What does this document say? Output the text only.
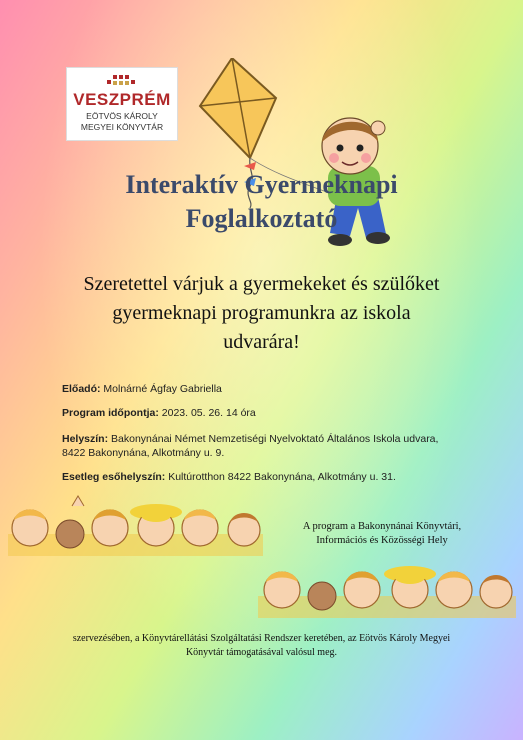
VESZPRÉM
EÖTVÖS KÁROLY
MEGYEI KÖNYVTÁR
Interaktív Gyermeknapi
Foglalkoztató
Szeretettel várjuk a gyermekeket és szülőket
gyermeknapi programunkra az iskola
udvarára!
Előadó: Molnárné Ágfay Gabriella
Program időpontja: 2023. 05. 26. 14 óra
Helyszín: Bakonynánai Német Nemzetiségi Nyelvoktató Általános Iskola udvara,
8422 Bakonynána, Alkotmány u. 9.
Esetleg esőhelyszín: Kultúrotthon 8422 Bakonynána, Alkotmány u. 31.
A program a Bakonynánai Könyvtári,
Információs és Közösségi Hely
szervezésében, a Könyvtárellátási Szolgáltatási Rendszer keretében, az Eötvös Károly Megyei
Könyvtár támogatásával valósul meg.
